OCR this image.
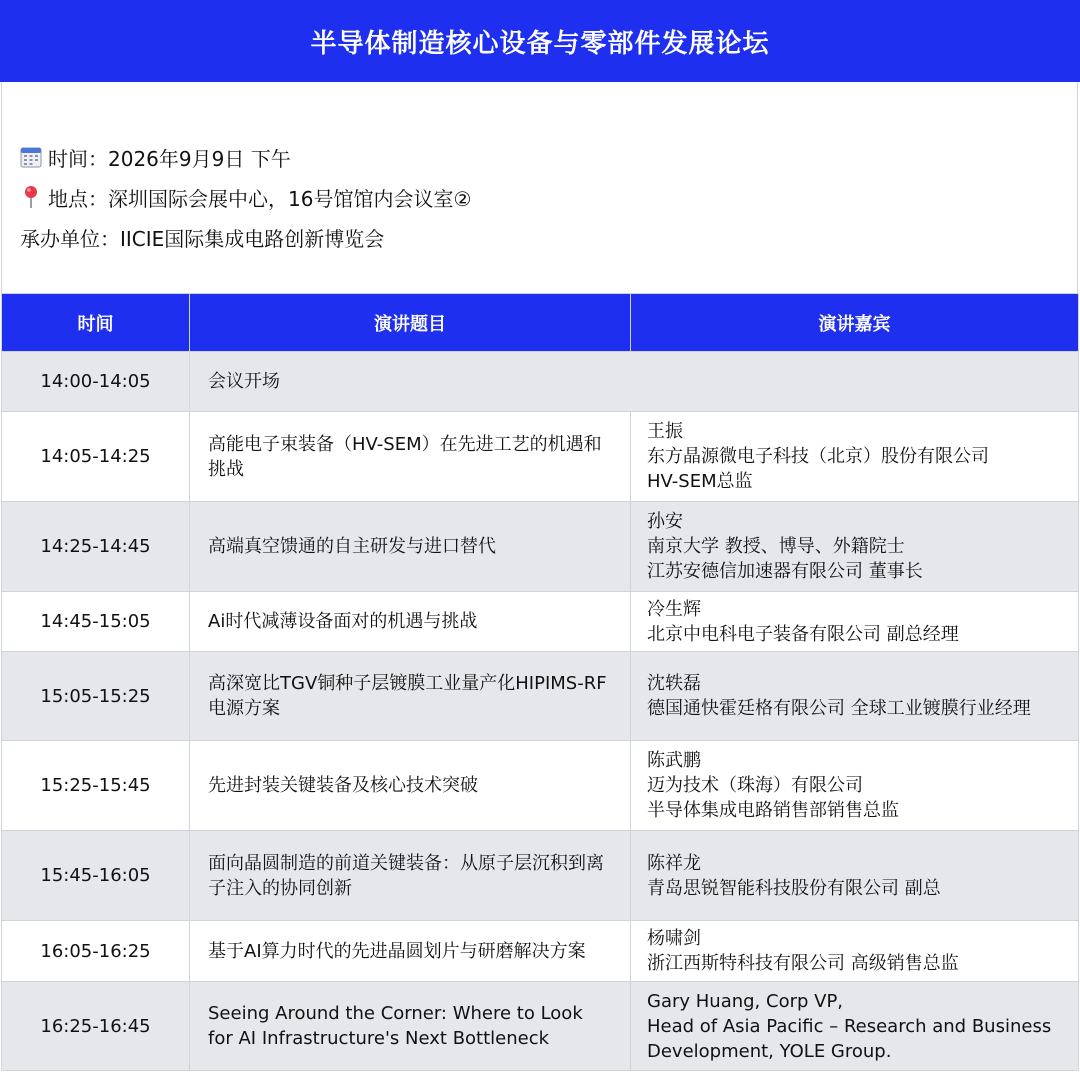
半导体制造核心设备与零部件发展论坛
时间：2026年9月9日 下午
地点：深圳国际会展中心，16号馆馆内会议室②
承办单位：IICIE国际集成电路创新博览会
时间	演讲题目	演讲嘉宾
14:00-14:05	会议开场	

14:05-14:25	高能电子束装备（HV-SEM）在先进工艺的机遇和挑战	王振
东方晶源微电子科技（北京）股份有限公司
HV-SEM总监

14:25-14:45	高端真空馈通的自主研发与进口替代	孙安
南京大学 教授、博导、外籍院士
江苏安德信加速器有限公司 董事长

14:45-15:05	Ai时代减薄设备面对的机遇与挑战	冷生辉
北京中电科电子装备有限公司 副总经理

15:05-15:25	高深宽比TGV铜种子层镀膜工业量产化HIPIMS-RF电源方案	沈轶磊
德国通快霍廷格有限公司 全球工业镀膜行业经理

15:25-15:45	先进封装关键装备及核心技术突破	陈武鹏
迈为技术（珠海）有限公司
半导体集成电路销售部销售总监

15:45-16:05	面向晶圆制造的前道关键装备：从原子层沉积到离子注入的协同创新	陈祥龙
青岛思锐智能科技股份有限公司 副总

16:05-16:25	基于AI算力时代的先进晶圆划片与研磨解决方案	杨啸剑
浙江西斯特科技有限公司 高级销售总监

16:25-16:45	Seeing Around the Corner: Where to Look for AI Infrastructure's Next Bottleneck	Gary Huang, Corp VP,
Head of Asia Pacific – Research and Business
Development, YOLE Group.
